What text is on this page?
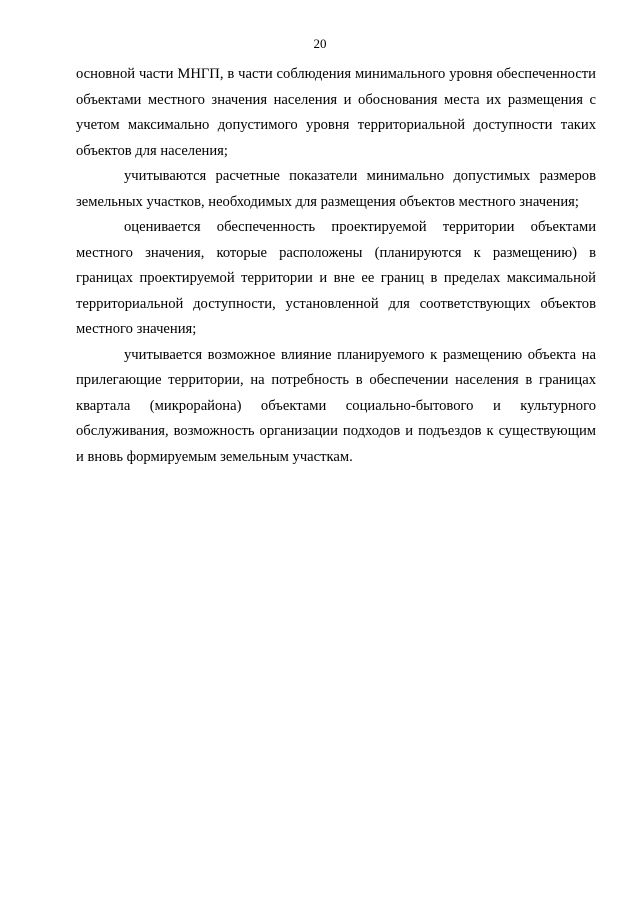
20

основной части МНГП, в части соблюдения минимального уровня обеспеченности объектами местного значения населения и обоснования места их размещения с учетом максимально допустимого уровня территориальной доступности таких объектов для населения;

учитываются расчетные показатели минимально допустимых размеров земельных участков, необходимых для размещения объектов местного значения;

оценивается обеспеченность проектируемой территории объектами местного значения, которые расположены (планируются к размещению) в границах проектируемой территории и вне ее границ в пределах максимальной территориальной доступности, установленной для соответствующих объектов местного значения;

учитывается возможное влияние планируемого к размещению объекта на прилегающие территории, на потребность в обеспечении населения в границах квартала (микрорайона) объектами социально-бытового и культурного обслуживания, возможность организации подходов и подъездов к существующим и вновь формируемым земельным участкам.
